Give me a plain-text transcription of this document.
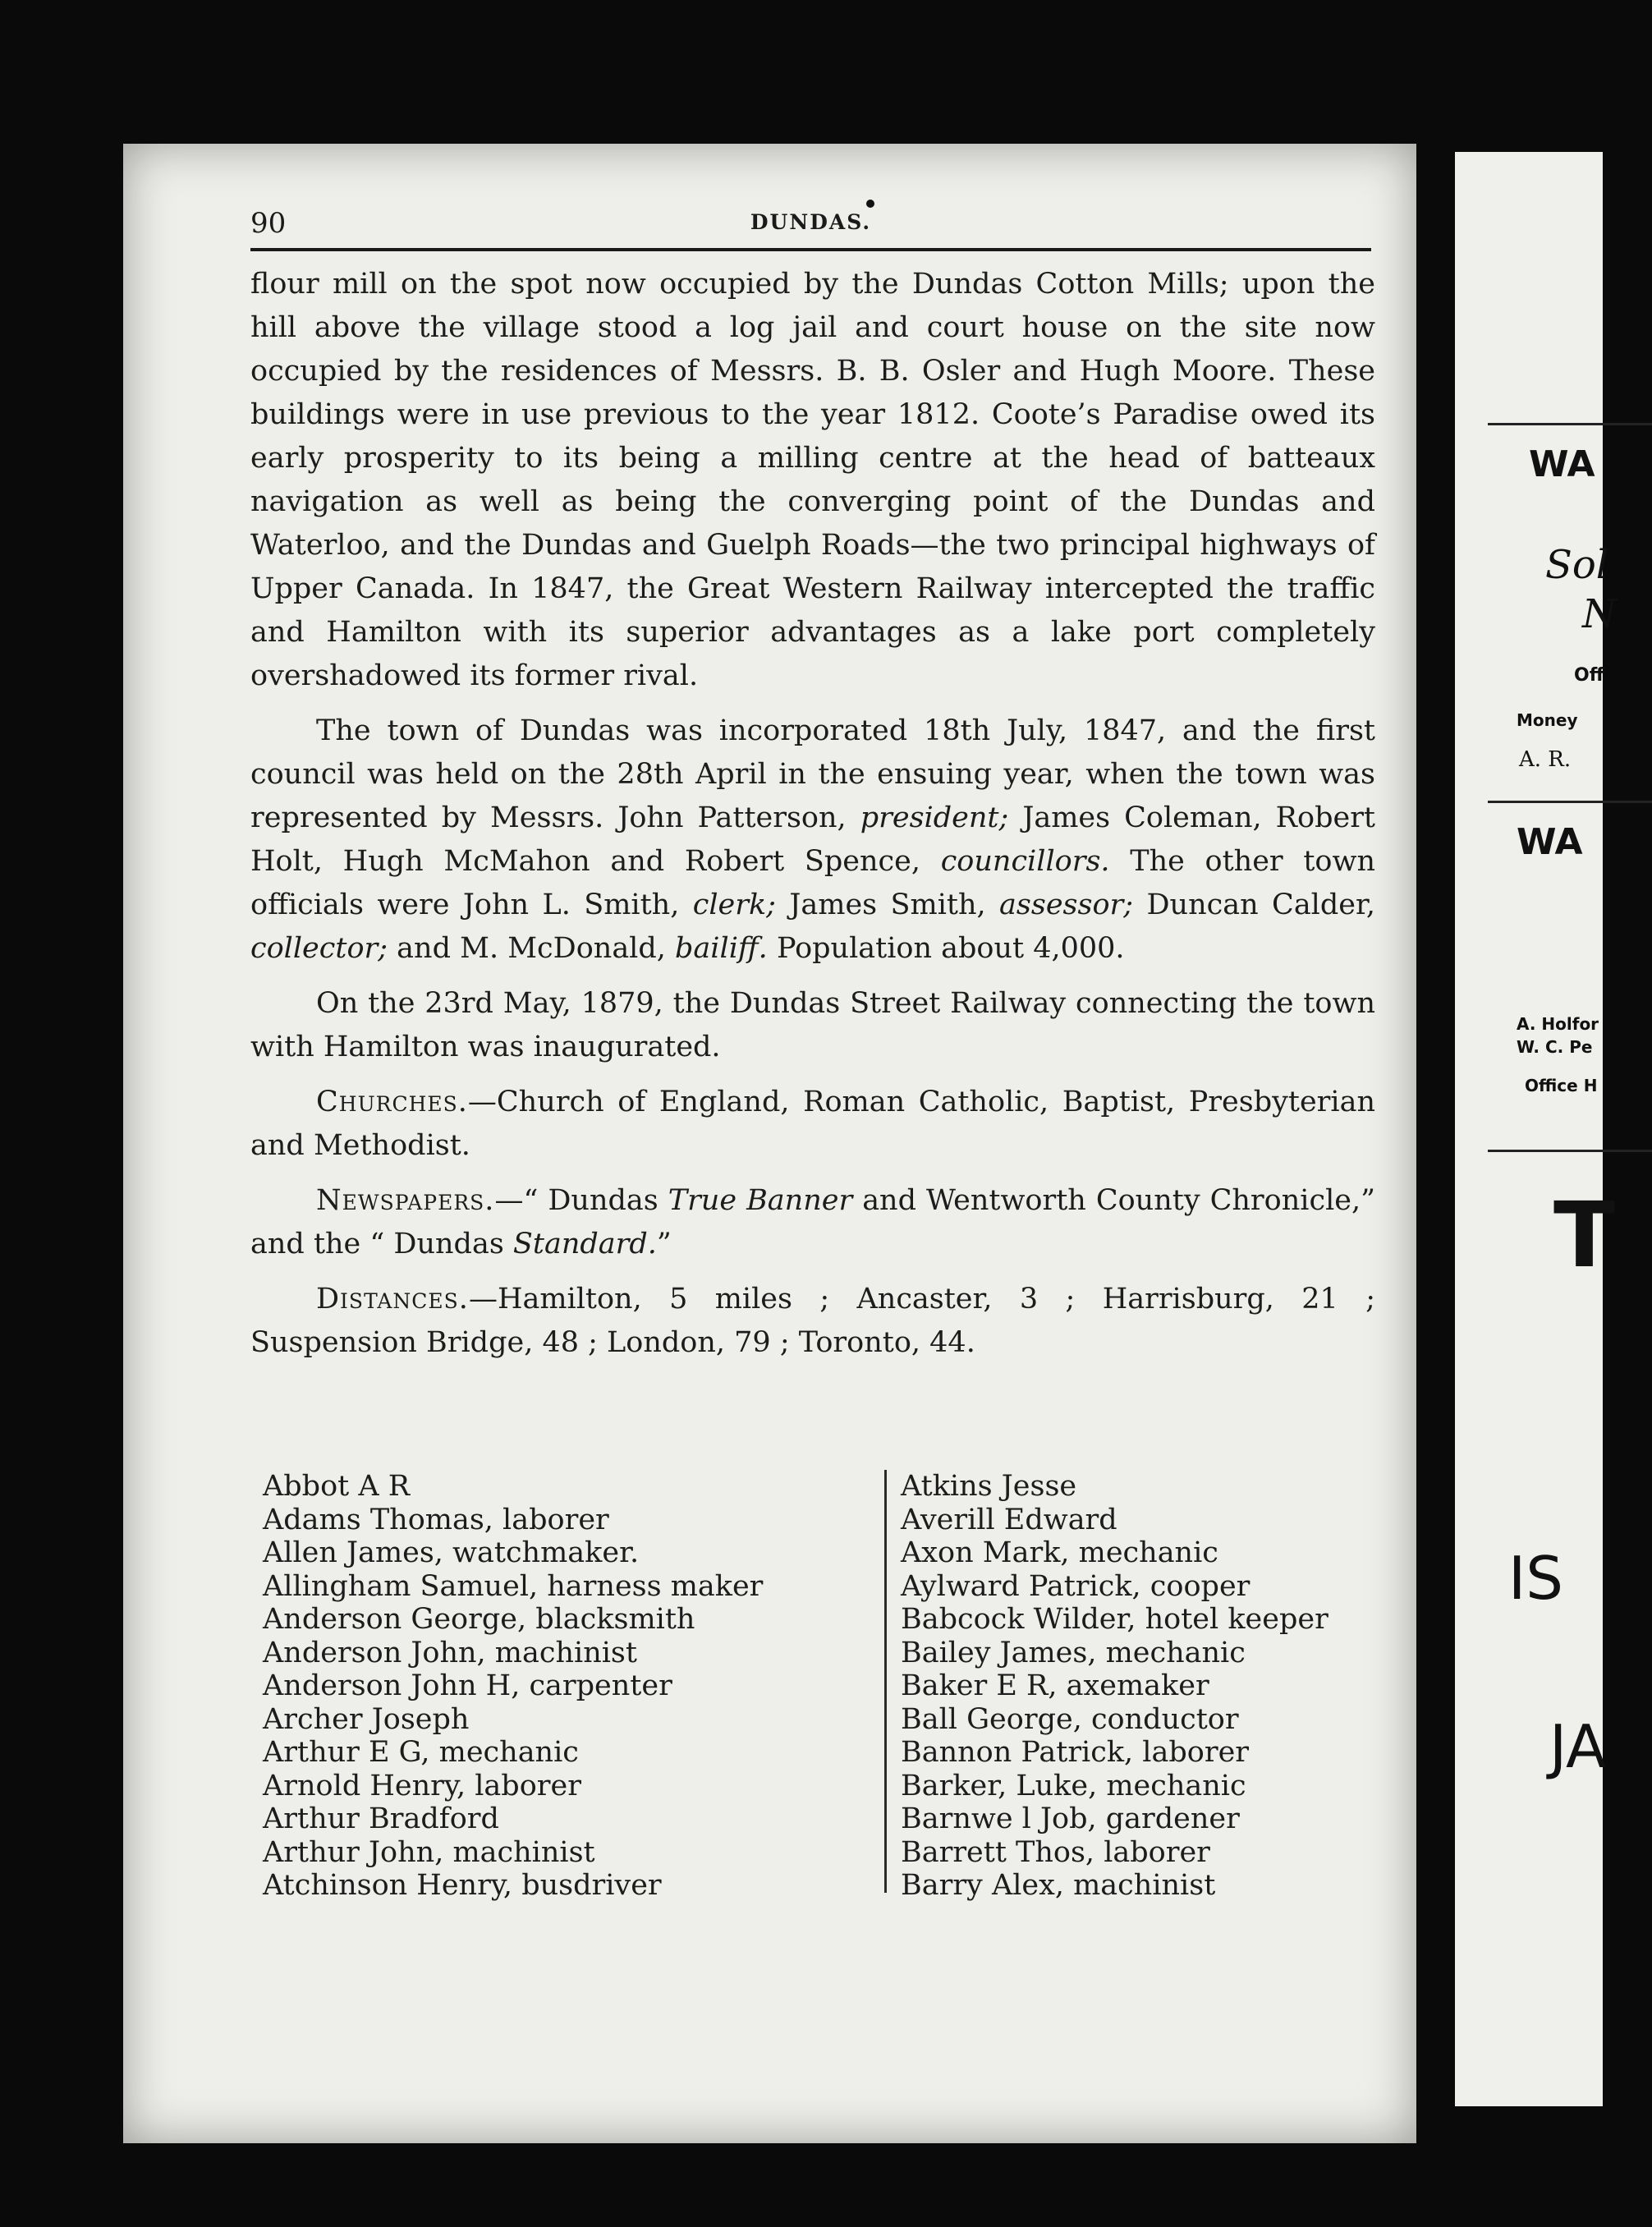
90	DUNDAS.

flour mill on the spot now occupied by the Dundas Cotton Mills; upon the hill above the village stood a log jail and court house on the site now occupied by the residences of Messrs. B. B. Osler and Hugh Moore. These buildings were in use previous to the year 1812. Coote’s Paradise owed its early prosperity to its being a milling centre at the head of batteaux navigation as well as being the converging point of the Dundas and Waterloo, and the Dundas and Guelph Roads—the two principal highways of Upper Canada. In 1847, the Great Western Railway intercepted the traffic and Hamilton with its superior advantages as a lake port completely overshadowed its former rival.

The town of Dundas was incorporated 18th July, 1847, and the first council was held on the 28th April in the ensuing year, when the town was represented by Messrs. John Patterson, president; James Coleman, Robert Holt, Hugh McMahon and Robert Spence, councillors. The other town officials were John L. Smith, clerk; James Smith, assessor; Duncan Calder, collector; and M. McDonald, bailiff. Population about 4,000.

On the 23rd May, 1879, the Dundas Street Railway connecting the town with Hamilton was inaugurated.

Churches.—Church of England, Roman Catholic, Baptist, Presbyterian and Methodist.

Newspapers.—“ Dundas True Banner and Wentworth County Chronicle,” and the “ Dundas Standard.”

Distances.—Hamilton, 5 miles ; Ancaster, 3 ; Harrisburg, 21 ; Suspension Bridge, 48 ; London, 79 ; Toronto, 44.

Abbot A R
Adams Thomas, laborer
Allen James, watchmaker.
Allingham Samuel, harness maker
Anderson George, blacksmith
Anderson John, machinist
Anderson John H, carpenter
Archer Joseph
Arthur E G, mechanic
Arnold Henry, laborer
Arthur Bradford
Arthur John, machinist
Atchinson Henry, busdriver
Atkins Jesse
Averill Edward
Axon Mark, mechanic
Aylward Patrick, cooper
Babcock Wilder, hotel keeper
Bailey James, mechanic
Baker E R, axemaker
Ball George, conductor
Bannon Patrick, laborer
Barker, Luke, mechanic
Barnwe l Job, gardener
Barrett Thos, laborer
Barry Alex, machinist
WA
Sol
N
Off
Money
A. R.
WA
A. Holfor
W. C. Pe
Office H
T
IS
JA
